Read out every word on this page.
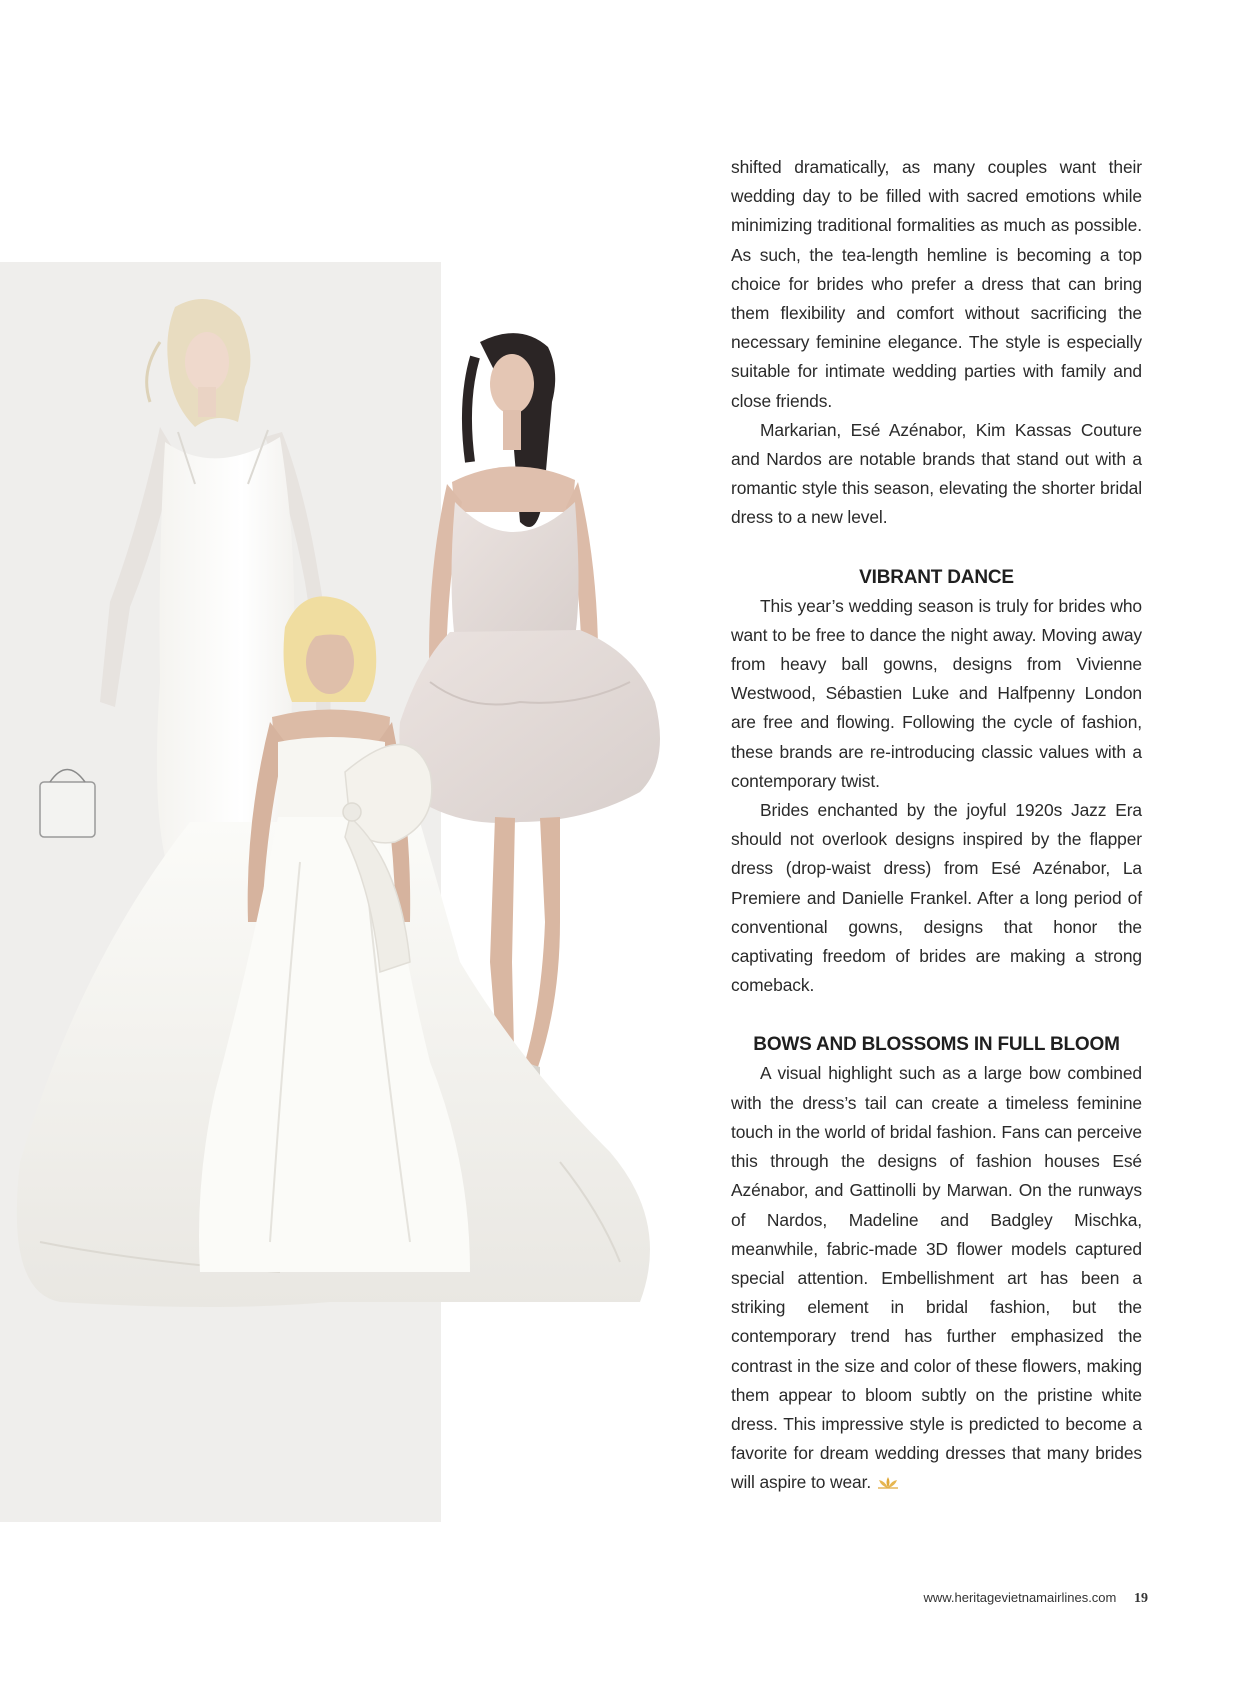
shifted dramatically, as many couples want their wedding day to be filled with sacred emotions while minimizing traditional formalities as much as possible. As such, the tea-length hemline is becoming a top choice for brides who prefer a dress that can bring them flexibility and comfort without sacrificing the necessary feminine elegance. The style is especially suitable for intimate wedding parties with family and close friends.

Markarian, Esé Azénabor, Kim Kassas Couture and Nardos are notable brands that stand out with a romantic style this season, elevating the shorter bridal dress to a new level.

VIBRANT DANCE

This year’s wedding season is truly for brides who want to be free to dance the night away. Moving away from heavy ball gowns, designs from Vivienne Westwood, Sébastien Luke and Halfpenny London are free and flowing. Following the cycle of fashion, these brands are re-introducing classic values with a contemporary twist.

Brides enchanted by the joyful 1920s Jazz Era should not overlook designs inspired by the flapper dress (drop-waist dress) from Esé Azénabor, La Premiere and Danielle Frankel. After a long period of conventional gowns, designs that honor the captivating freedom of brides are making a strong comeback.

BOWS AND BLOSSOMS IN FULL BLOOM

A visual highlight such as a large bow combined with the dress’s tail can create a timeless feminine touch in the world of bridal fashion. Fans can perceive this through the designs of fashion houses Esé Azénabor, and Gattinolli by Marwan. On the runways of Nardos, Madeline and Badgley Mischka, meanwhile, fabric-made 3D flower models captured special attention. Embellishment art has been a striking element in bridal fashion, but the contemporary trend has further emphasized the contrast in the size and color of these flowers, making them appear to bloom subtly on the pristine white dress. This impressive style is predicted to become a favorite for dream wedding dresses that many brides will aspire to wear.

www.heritagevietnamairlines.com 19
